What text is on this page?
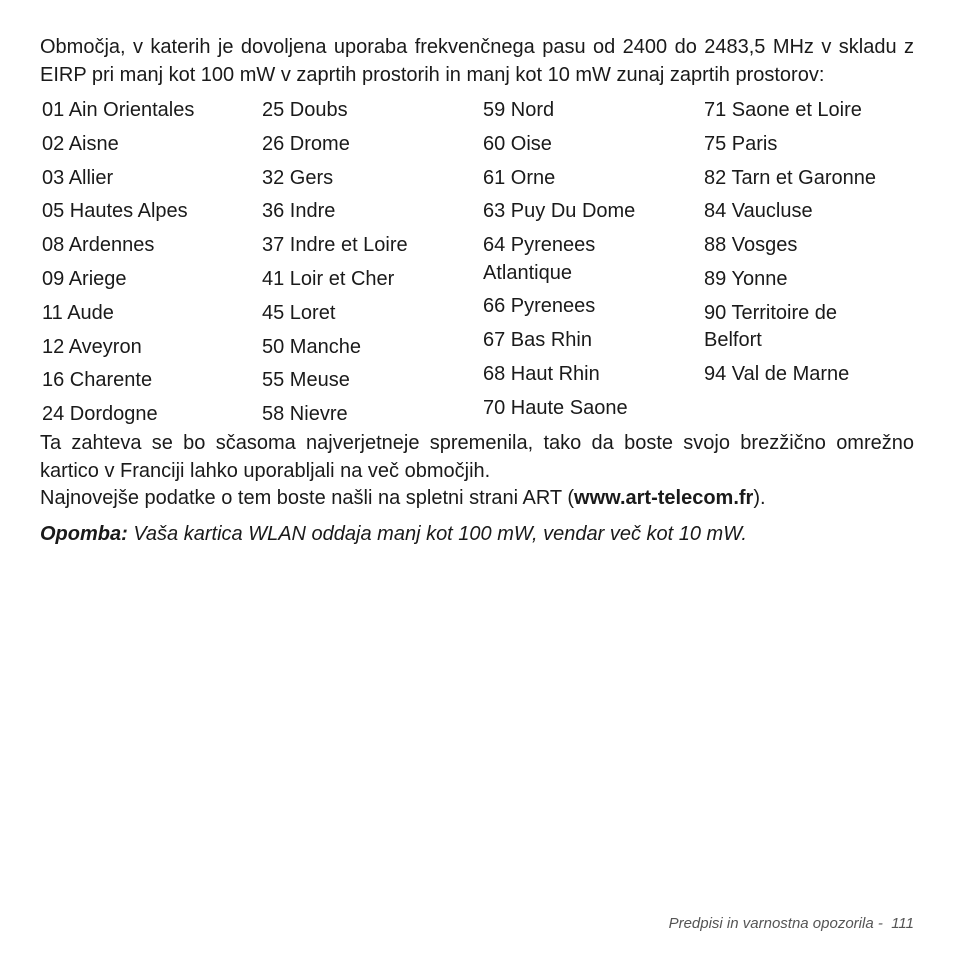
Območja, v katerih je dovoljena uporaba frekvenčnega pasu od 2400 do 2483,5 MHz v skladu z EIRP pri manj kot 100 mW v zaprtih prostorih in manj kot 10 mW zunaj zaprtih prostorov:

01 Ain Orientales
02 Aisne
03 Allier
05 Hautes Alpes
08 Ardennes
09 Ariege
11 Aude
12 Aveyron
16 Charente
24 Dordogne
25 Doubs
26 Drome
32 Gers
36 Indre
37 Indre et Loire
41 Loir et Cher
45 Loret
50 Manche
55 Meuse
58 Nievre
59 Nord
60 Oise
61 Orne
63 Puy Du Dome
64 Pyrenees Atlantique
66 Pyrenees
67 Bas Rhin
68 Haut Rhin
70 Haute Saone
71 Saone et Loire
75 Paris
82 Tarn et Garonne
84 Vaucluse
88 Vosges
89 Yonne
90 Territoire de Belfort
94 Val de Marne

Ta zahteva se bo sčasoma najverjetneje spremenila, tako da boste svojo brezžično omrežno kartico v Franciji lahko uporabljali na več območjih.

Najnovejše podatke o tem boste našli na spletni strani ART (www.art-telecom.fr).

Opomba: Vaša kartica WLAN oddaja manj kot 100 mW, vendar več kot 10 mW.

Predpisi in varnostna opozorila - 111
